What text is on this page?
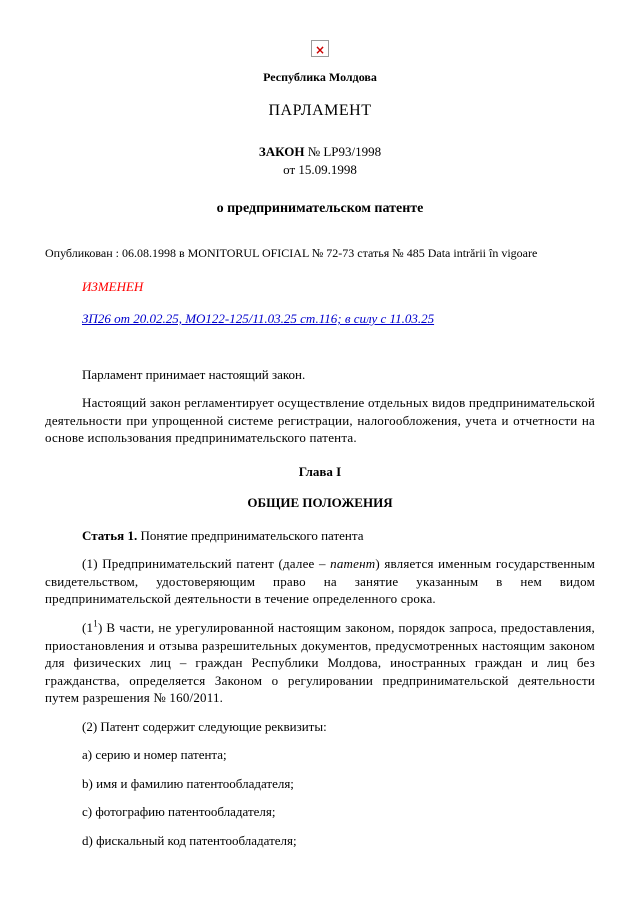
×
Республика Молдова
ПАРЛАМЕНТ
ЗАКОН № LP93/1998
от 15.09.1998
о предпринимательском патенте
Опубликован : 06.08.1998 в MONITORUL OFICIAL № 72-73 статья № 485 Data intrării în vigoare
ИЗМЕНЕН
ЗП26 от 20.02.25, МО122-125/11.03.25 ст.116; в силу с 11.03.25

Парламент принимает настоящий закон.

Настоящий закон регламентирует осуществление отдельных видов предпринимательской деятельности при упрощенной системе регистрации, налогообложения, учета и отчетности на основе использования предпринимательского патента.

Глава I
ОБЩИЕ ПОЛОЖЕНИЯ

Статья 1. Понятие предпринимательского патента

(1) Предпринимательский патент (далее – патент) является именным государственным свидетельством, удостоверяющим право на занятие указанным в нем видом предпринимательской деятельности в течение определенного срока.

$(1^1)$ В части, не урегулированной настоящим законом, порядок запроса, предоставления, приостановления и отзыва разрешительных документов, предусмотренных настоящим законом для физических лиц – граждан Республики Молдова, иностранных граждан и лиц без гражданства, определяется Законом о регулировании предпринимательской деятельности путем разрешения № 160/2011.

(2) Патент содержит следующие реквизиты:

a) серию и номер патента;

b) имя и фамилию патентообладателя;

c) фотографию патентообладателя;

d) фискальный код патентообладателя;
